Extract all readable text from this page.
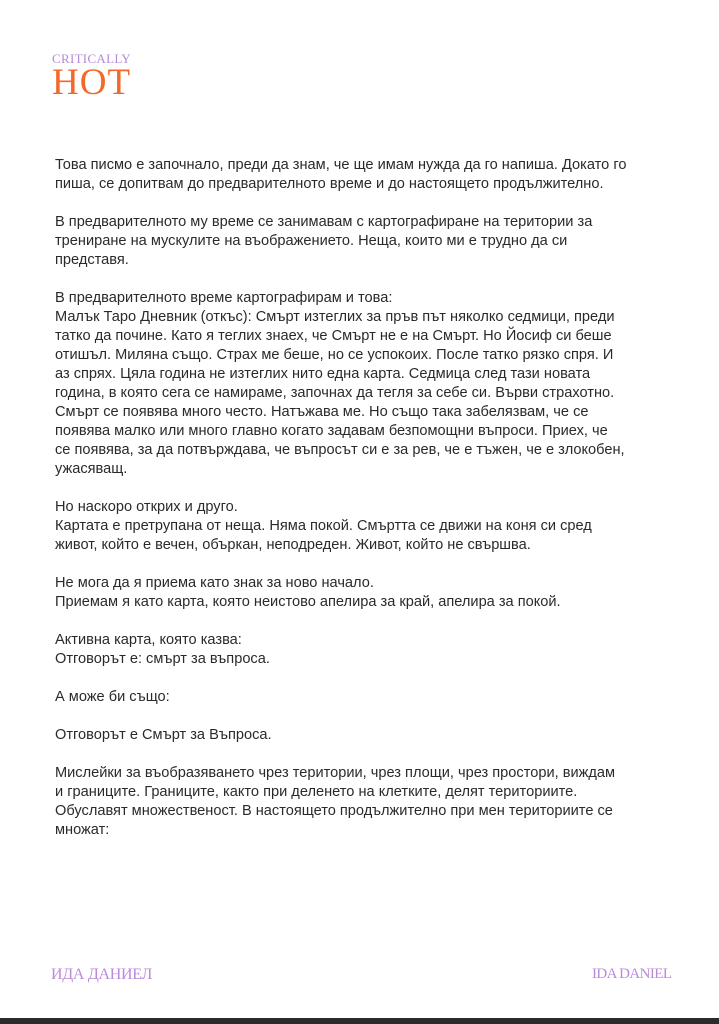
CRITICALLY
HOT
Това писмо е започнало, преди да знам, че ще имам нужда да го напиша. Докато го
пиша, се допитвам до предварителното време и до настоящето продължително.
В предварителното му време се занимавам с картографиране на територии за
трениране на мускулите на въображението. Неща, които ми е трудно да си
представя.
В предварителното време картографирам и това:
Малък Таро Дневник (откъс): Смърт изтеглих за пръв път няколко седмици, преди
татко да почине. Като я теглих знаех, че Смърт не е на Смърт. Но Йосиф си беше
отишъл. Миляна също. Страх ме беше, но се успокоих. После татко рязко спря. И
аз спрях. Цяла година не изтеглих нито една карта. Седмица след тази новата
година, в която сега се намираме, започнах да тегля за себе си. Върви страхотно.
Смърт се появява много често. Натъжава ме. Но също така забелязвам, че се
появява малко или много главно когато задавам безпомощни въпроси. Приех, че
се появява, за да потвърждава, че въпросът си е за рев, че е тъжен, че е злокобен,
ужасяващ.
Но наскоро открих и друго.
Картата е претрупана от неща. Няма покой. Смъртта се движи на коня си сред
живот, който е вечен, объркан, неподреден. Живот, който не свършва.
Не мога да я приема като знак за ново начало.
Приемам я като карта, която неистово апелира за край, апелира за покой.
Активна карта, която казва:
Отговорът е: смърт за въпроса.
А може би също:
Отговорът е Смърт за Въпроса.
Мислейки за въобразяването чрез територии, чрез площи, чрез простори, виждам
и границите. Границите, както при деленето на клетките, делят териториите.
Обуславят множественост. В настоящето продължително при мен териториите се
множат:
ИДА ДАНИЕЛ	IDA DANIEL
